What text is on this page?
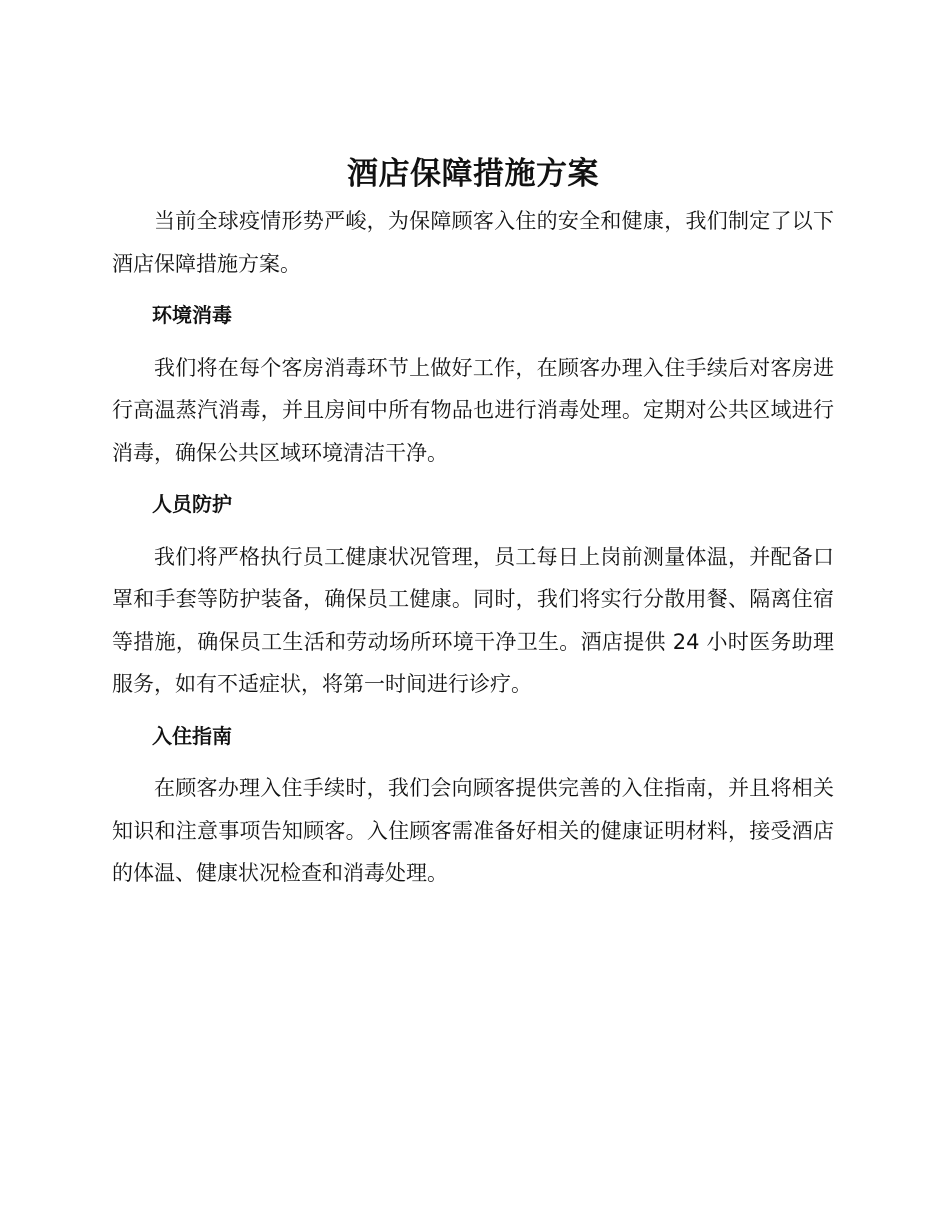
酒店保障措施方案

当前全球疫情形势严峻，为保障顾客入住的安全和健康，我们制定了以下酒店保障措施方案。

环境消毒

我们将在每个客房消毒环节上做好工作，在顾客办理入住手续后对客房进行高温蒸汽消毒，并且房间中所有物品也进行消毒处理。定期对公共区域进行消毒，确保公共区域环境清洁干净。

人员防护

我们将严格执行员工健康状况管理，员工每日上岗前测量体温，并配备口罩和手套等防护装备，确保员工健康。同时，我们将实行分散用餐、隔离住宿等措施，确保员工生活和劳动场所环境干净卫生。酒店提供 24 小时医务助理服务，如有不适症状，将第一时间进行诊疗。

入住指南

在顾客办理入住手续时，我们会向顾客提供完善的入住指南，并且将相关知识和注意事项告知顾客。入住顾客需准备好相关的健康证明材料，接受酒店的体温、健康状况检查和消毒处理。
